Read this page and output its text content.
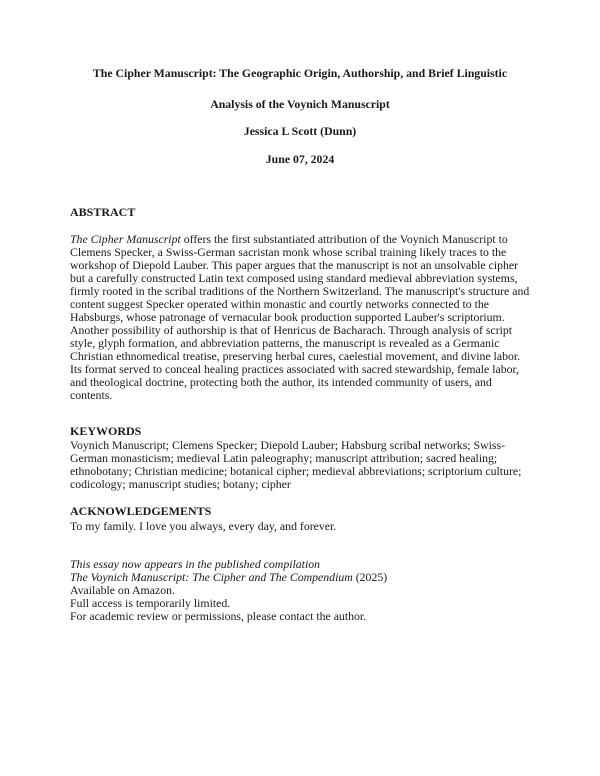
The Cipher Manuscript: The Geographic Origin, Authorship, and Brief Linguistic
Analysis of the Voynich Manuscript
Jessica L Scott (Dunn)
June 07, 2024
ABSTRACT
The Cipher Manuscript offers the first substantiated attribution of the Voynich Manuscript to
Clemens Specker, a Swiss-German sacristan monk whose scribal training likely traces to the
workshop of Diepold Lauber. This paper argues that the manuscript is not an unsolvable cipher
but a carefully constructed Latin text composed using standard medieval abbreviation systems,
firmly rooted in the scribal traditions of the Northern Switzerland. The manuscript's structure and
content suggest Specker operated within monastic and courtly networks connected to the
Habsburgs, whose patronage of vernacular book production supported Lauber's scriptorium.
Another possibility of authorship is that of Henricus de Bacharach. Through analysis of script
style, glyph formation, and abbreviation patterns, the manuscript is revealed as a Germanic
Christian ethnomedical treatise, preserving herbal cures, caelestial movement, and divine labor.
Its format served to conceal healing practices associated with sacred stewardship, female labor,
and theological doctrine, protecting both the author, its intended community of users, and
contents.
KEYWORDS
Voynich Manuscript; Clemens Specker; Diepold Lauber; Habsburg scribal networks; Swiss-
German monasticism; medieval Latin paleography; manuscript attribution; sacred healing;
ethnobotany; Christian medicine; botanical cipher; medieval abbreviations; scriptorium culture;
codicology; manuscript studies; botany; cipher
ACKNOWLEDGEMENTS
To my family. I love you always, every day, and forever.
This essay now appears in the published compilation
The Voynich Manuscript: The Cipher and The Compendium (2025)
Available on Amazon.
Full access is temporarily limited.
For academic review or permissions, please contact the author.
